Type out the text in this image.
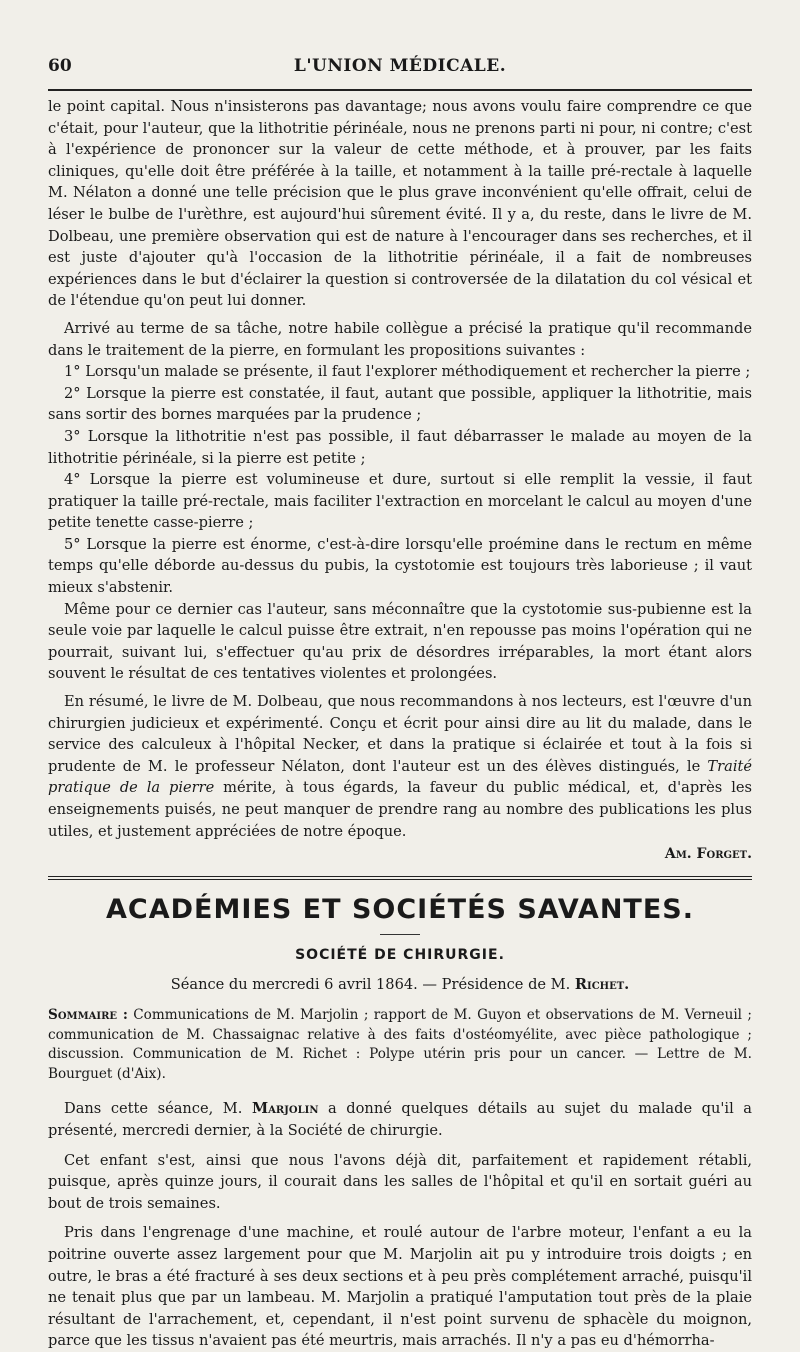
60	L'UNION MÉDICALE.

le point capital. Nous n'insisterons pas davantage; nous avons voulu faire comprendre ce que c'était, pour l'auteur, que la lithotritie périnéale, nous ne prenons parti ni pour, ni contre; c'est à l'expérience de prononcer sur la valeur de cette méthode, et à prouver, par les faits cliniques, qu'elle doit être préférée à la taille, et notamment à la taille pré-rectale à laquelle M. Nélaton a donné une telle précision que le plus grave inconvénient qu'elle offrait, celui de léser le bulbe de l'urèthre, est aujourd'hui sûrement évité. Il y a, du reste, dans le livre de M. Dolbeau, une première observation qui est de nature à l'encourager dans ses recherches, et il est juste d'ajouter qu'à l'occasion de la lithotritie périnéale, il a fait de nombreuses expériences dans le but d'éclairer la question si controversée de la dilatation du col vésical et de l'étendue qu'on peut lui donner.

Arrivé au terme de sa tâche, notre habile collègue a précisé la pratique qu'il recommande dans le traitement de la pierre, en formulant les propositions suivantes :

1° Lorsqu'un malade se présente, il faut l'explorer méthodiquement et rechercher la pierre ;

2° Lorsque la pierre est constatée, il faut, autant que possible, appliquer la lithotritie, mais sans sortir des bornes marquées par la prudence ;

3° Lorsque la lithotritie n'est pas possible, il faut débarrasser le malade au moyen de la lithotritie périnéale, si la pierre est petite ;

4° Lorsque la pierre est volumineuse et dure, surtout si elle remplit la vessie, il faut pratiquer la taille pré-rectale, mais faciliter l'extraction en morcelant le calcul au moyen d'une petite tenette casse-pierre ;

5° Lorsque la pierre est énorme, c'est-à-dire lorsqu'elle proémine dans le rectum en même temps qu'elle déborde au-dessus du pubis, la cystotomie est toujours très laborieuse ; il vaut mieux s'abstenir.

Même pour ce dernier cas l'auteur, sans méconnaître que la cystotomie sus-pubienne est la seule voie par laquelle le calcul puisse être extrait, n'en repousse pas moins l'opération qui ne pourrait, suivant lui, s'effectuer qu'au prix de désordres irréparables, la mort étant alors souvent le résultat de ces tentatives violentes et prolongées.

En résumé, le livre de M. Dolbeau, que nous recommandons à nos lecteurs, est l'œuvre d'un chirurgien judicieux et expérimenté. Conçu et écrit pour ainsi dire au lit du malade, dans le service des calculeux à l'hôpital Necker, et dans la pratique si éclairée et tout à la fois si prudente de M. le professeur Nélaton, dont l'auteur est un des élèves distingués, le Traité pratique de la pierre mérite, à tous égards, la faveur du public médical, et, d'après les enseignements puisés, ne peut manquer de prendre rang au nombre des publications les plus utiles, et justement appréciées de notre époque.

Am. Forget.
ACADÉMIES ET SOCIÉTÉS SAVANTES.
SOCIÉTÉ DE CHIRURGIE.
Séance du mercredi 6 avril 1864. — Présidence de M. Richet.
Sommaire : Communications de M. Marjolin ; rapport de M. Guyon et observations de M. Verneuil ; communication de M. Chassaignac relative à des faits d'ostéomyélite, avec pièce pathologique ; discussion. Communication de M. Richet : Polype utérin pris pour un cancer. — Lettre de M. Bourguet (d'Aix).

Dans cette séance, M. Marjolin a donné quelques détails au sujet du malade qu'il a présenté, mercredi dernier, à la Société de chirurgie.

Cet enfant s'est, ainsi que nous l'avons déjà dit, parfaitement et rapidement rétabli, puisque, après quinze jours, il courait dans les salles de l'hôpital et qu'il en sortait guéri au bout de trois semaines.

Pris dans l'engrenage d'une machine, et roulé autour de l'arbre moteur, l'enfant a eu la poitrine ouverte assez largement pour que M. Marjolin ait pu y introduire trois doigts ; en outre, le bras a été fracturé à ses deux sections et à peu près complétement arraché, puisqu'il ne tenait plus que par un lambeau. M. Marjolin a pratiqué l'amputation tout près de la plaie résultant de l'arrachement, et, cependant, il n'est point survenu de sphacèle du moignon, parce que les tissus n'avaient pas été meurtris, mais arrachés. Il n'y a pas eu d'hémorrha-
